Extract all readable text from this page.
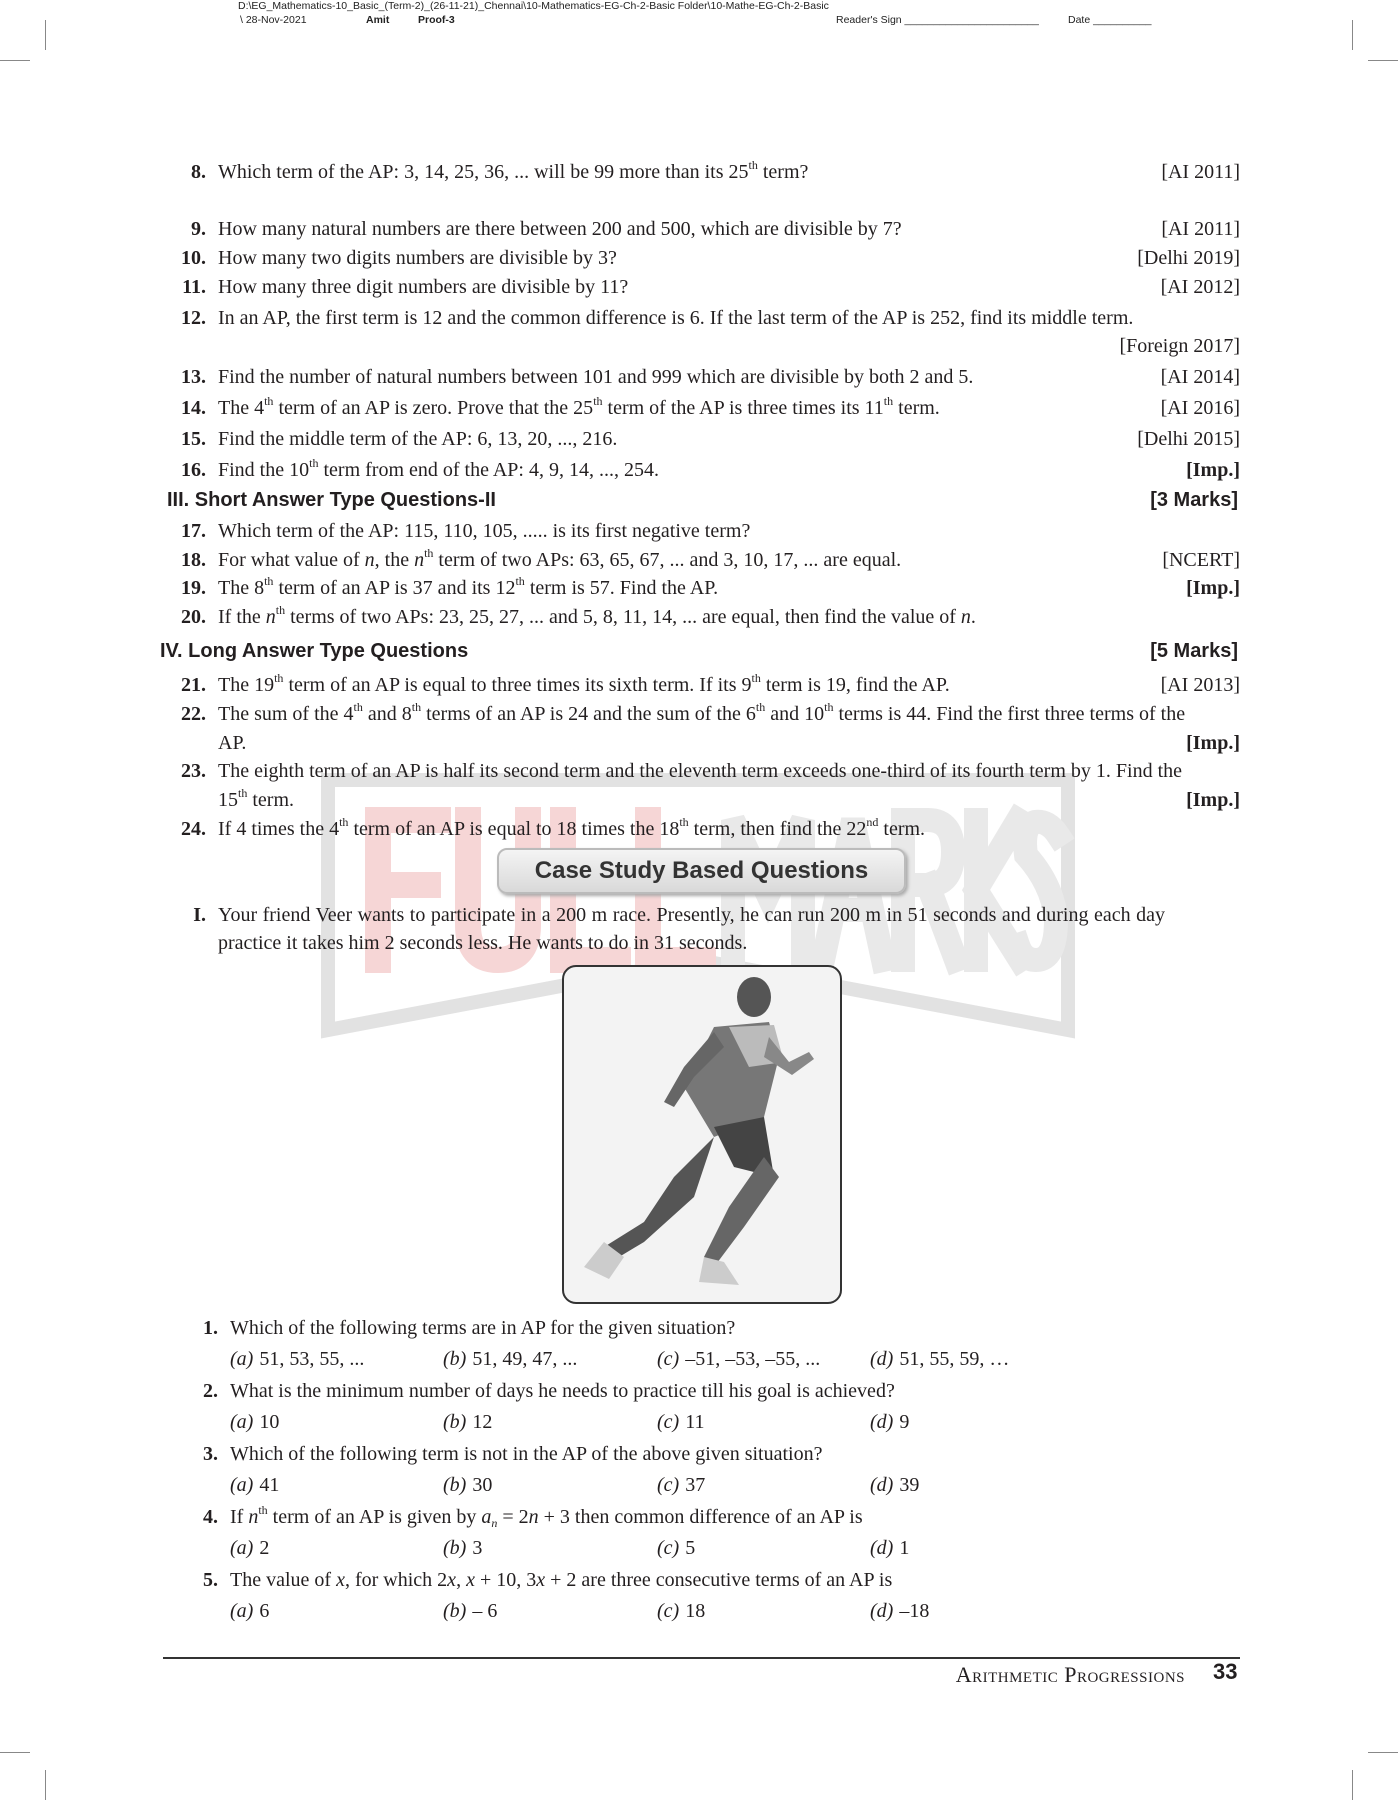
D:\EG_Mathematics-10_Basic_(Term-2)_(26-11-21)_Chennai\10-Mathematics-EG-Ch-2-Basic Folder\10-Mathe-EG-Ch-2-Basic
\ 28-Nov-2021	Amit	Proof-3	Reader's Sign _______________________	Date __________
8. Which term of the AP: 3, 14, 25, 36, ... will be 99 more than its 25th term?	[AI 2011]
9. How many natural numbers are there between 200 and 500, which are divisible by 7?	[AI 2011]
10. How many two digits numbers are divisible by 3?	[Delhi 2019]
11. How many three digit numbers are divisible by 11?	[AI 2012]
12. In an AP, the first term is 12 and the common difference is 6. If the last term of the AP is 252, find its middle term.
[Foreign 2017]
13. Find the number of natural numbers between 101 and 999 which are divisible by both 2 and 5.	[AI 2014]
14. The 4th term of an AP is zero. Prove that the 25th term of the AP is three times its 11th term.	[AI 2016]
15. Find the middle term of the AP: 6, 13, 20, ..., 216.	[Delhi 2015]
16. Find the 10th term from end of the AP: 4, 9, 14, ..., 254.	[Imp.]
17. Which term of the AP: 115, 110, 105, ..... is its first negative term?
18. For what value of n, the $n^{th}$ term of two APs: 63, 65, 67, ... and 3, 10, 17, ... are equal.	[NCERT]
19. The 8th term of an AP is 37 and its 12th term is 57. Find the AP.	[Imp.]
20. If the $n^{th}$ terms of two APs: 23, 25, 27, ... and 5, 8, 11, 14, ... are equal, then find the value of n.
21. The 19th term of an AP is equal to three times its sixth term. If its 9th term is 19, find the AP.	[AI 2013]
22. The sum of the 4th and 8th terms of an AP is 24 and the sum of the 6th and 10th terms is 44. Find the first three terms of the
AP.	[Imp.]
23. The eighth term of an AP is half its second term and the eleventh term exceeds one-third of its fourth term by 1. Find the
15th term.	[Imp.]
24. If 4 times the 4th term of an AP is equal to 18 times the 18th term, then find the 22nd term.
III. Short Answer Type Questions-II	[3 Marks]
IV. Long Answer Type Questions	[5 Marks]
Case Study Based Questions
I. Your friend Veer wants to participate in a 200 m race. Presently, he can run 200 m in 51 seconds and during each day
practice it takes him 2 seconds less. He wants to do in 31 seconds.
1. Which of the following terms are in AP for the given situation?
(a) 51, 53, 55, ...	(b) 51, 49, 47, ...	(c) –51, –53, –55, ... (d) 51, 55, 59, …
2. What is the minimum number of days he needs to practice till his goal is achieved?
(a) 10	(b) 12	(c) 11	(d) 9
3. Which of the following term is not in the AP of the above given situation?
(a) 41	(b) 30	(c) 37	(d) 39
4. If $n^{th}$ term of an AP is given by $a_n = 2n + 3$ then common difference of an AP is
(a) 2	(b) 3	(c) 5	(d) 1
5. The value of x, for which 2x, x + 10, 3x + 2 are three consecutive terms of an AP is
(a) 6	(b) – 6	(c) 18	(d) –18
Arithmetic Progressions 33
